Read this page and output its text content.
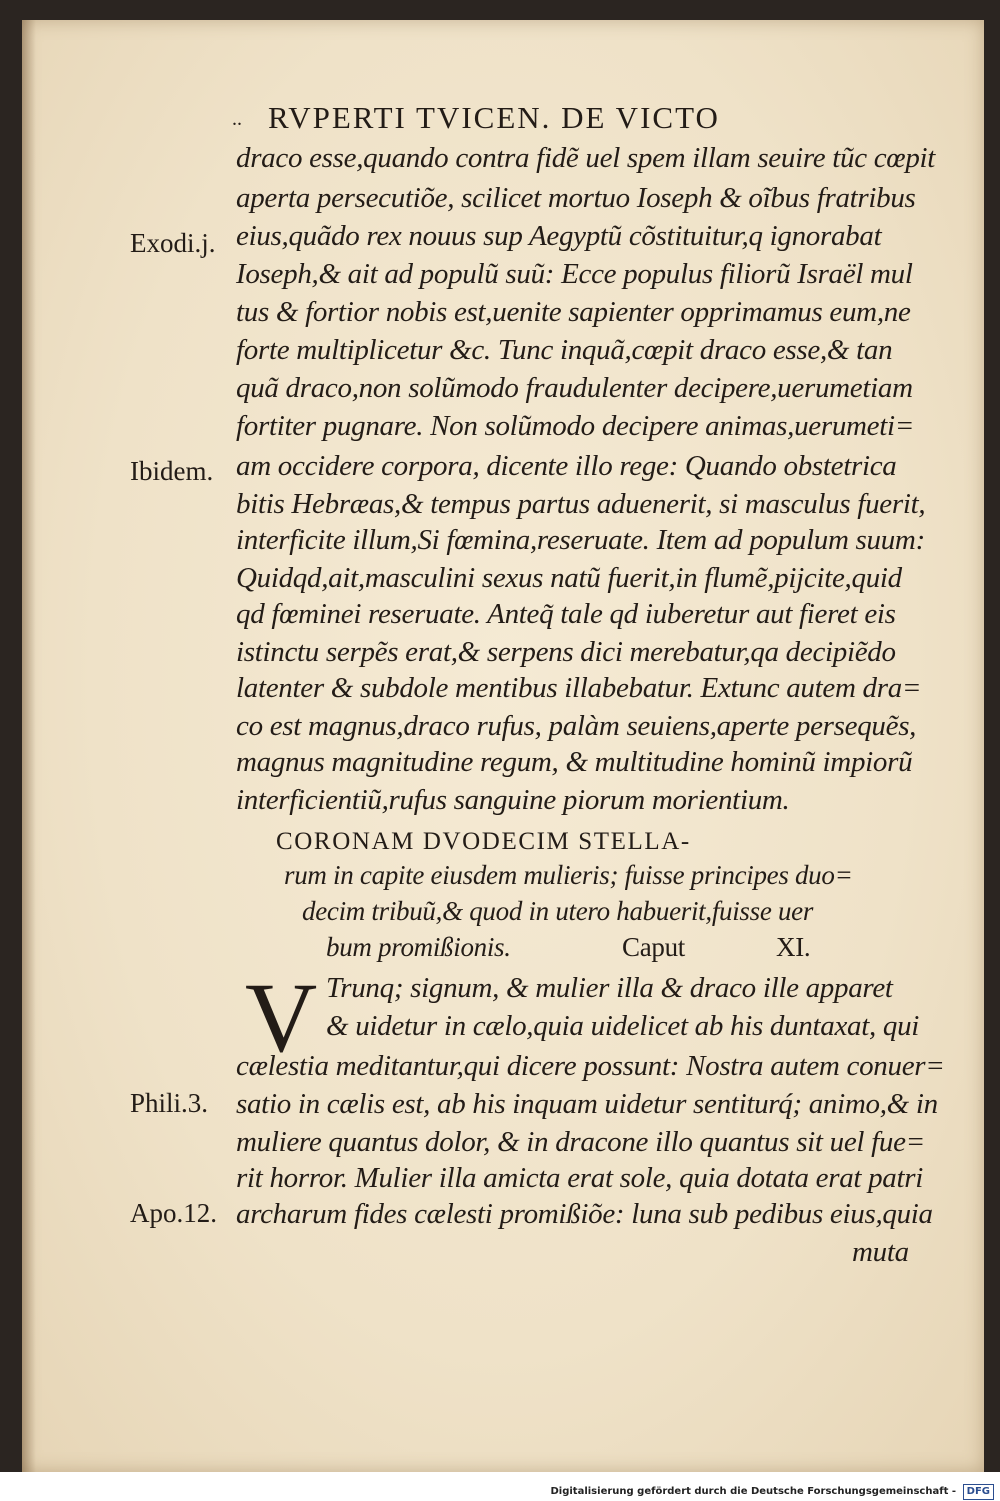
.. RVPERTI TVICEN. DE VICTO
draco esse,quando contra fidẽ uel spem illam seuire tũc cœpit
aperta persecutiõe, scilicet mortuo Ioseph & oĩbus fratribus
eius,quãdo rex nouus sup Aegyptũ cõstituitur,q ignorabat
Ioseph,& ait ad populũ suũ: Ecce populus filiorũ Israël mul
tus & fortior nobis est,uenite sapienter opprimamus eum,ne
forte multiplicetur &c. Tunc inquã,cœpit draco esse,& tan
quã draco,non solũmodo fraudulenter decipere,uerumetiam
fortiter pugnare. Non solũmodo decipere animas,uerumeti=
am occidere corpora, dicente illo rege: Quando obstetrica
bitis Hebræas,& tempus partus aduenerit, si masculus fuerit,
interficite illum,Si fœmina,reseruate. Item ad populum suum:
Quidqd,ait,masculini sexus natũ fuerit,in flumẽ,pijcite,quid
qd fœminei reseruate. Anteq̃ tale qd iuberetur aut fieret eis
istinctu serpẽs erat,& serpens dici merebatur,qa decipiẽdo
latenter & subdole mentibus illabebatur. Extunc autem dra=
co est magnus,draco rufus, palàm seuiens,aperte persequẽs,
magnus magnitudine regum, & multitudine hominũ impiorũ
interficientiũ,rufus sanguine piorum morientium.
Exodi.j.
Ibidem.
Phili.3.
Apo.12.
CORONAM DVODECIM STELLA-
rum in capite eiusdem mulieris; fuisse principes duo=
decim tribuũ,& quod in utero habuerit,fuisse uer
bum promißionis.	Caput	XI.
V Trunq; signum, & mulier illa & draco ille apparet
& uidetur in cælo,quia uidelicet ab his duntaxat, qui
cælestia meditantur,qui dicere possunt: Nostra autem conuer=
satio in cælis est, ab his inquam uidetur sentiturq́; animo,& in
muliere quantus dolor, & in dracone illo quantus sit uel fue=
rit horror. Mulier illa amicta erat sole, quia dotata erat patri
archarum fides cælesti promißiõe: luna sub pedibus eius,quia
muta
Digitalisierung gefördert durch die Deutsche Forschungsgemeinschaft -	DFG
